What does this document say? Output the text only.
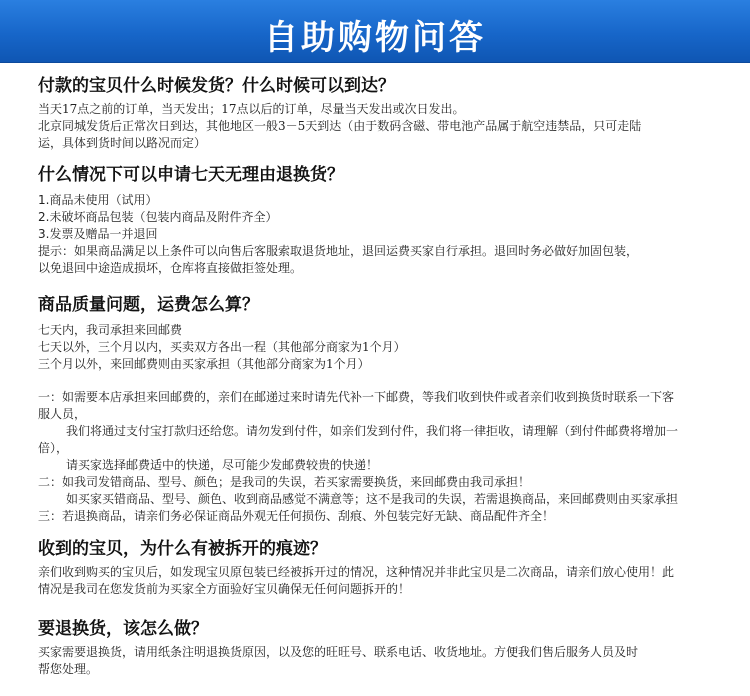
自助购物问答
付款的宝贝什么时候发货？什么时候可以到达？
当天17点之前的订单，当天发出；17点以后的订单，尽量当天发出或次日发出。
北京同城发货后正常次日到达，其他地区一般3－5天到达（由于数码含磁、带电池产品属于航空违禁品，只可走陆
运，具体到货时间以路况而定）
什么情况下可以申请七天无理由退换货？
1.商品未使用（试用）
2.未破坏商品包装（包装内商品及附件齐全）
3.发票及赠品一并退回
提示：如果商品满足以上条件可以向售后客服索取退货地址，退回运费买家自行承担。退回时务必做好加固包装，
以免退回中途造成损坏，仓库将直接做拒签处理。
商品质量问题，运费怎么算？
七天内，我司承担来回邮费
七天以外，三个月以内，买卖双方各出一程（其他部分商家为1个月）
三个月以外，来回邮费则由买家承担（其他部分商家为1个月）
一：如需要本店承担来回邮费的，亲们在邮递过来时请先代补一下邮费，等我们收到快件或者亲们收到换货时联系一下客
服人员，
我们将通过支付宝打款归还给您。请勿发到付件，如亲们发到付件，我们将一律拒收，请理解（到付件邮费将增加一
倍），
请买家选择邮费适中的快递，尽可能少发邮费较贵的快递！
二：如我司发错商品、型号、颜色；是我司的失误，若买家需要换货，来回邮费由我司承担！
如买家买错商品、型号、颜色、收到商品感觉不满意等；这不是我司的失误，若需退换商品，来回邮费则由买家承担
三：若退换商品，请亲们务必保证商品外观无任何损伤、刮痕、外包装完好无缺、商品配件齐全！
收到的宝贝，为什么有被拆开的痕迹？
亲们收到购买的宝贝后，如发现宝贝原包装已经被拆开过的情况，这种情况并非此宝贝是二次商品，请亲们放心使用！此
情况是我司在您发货前为买家全方面验好宝贝确保无任何问题拆开的！
要退换货，该怎么做？
买家需要退换货，请用纸条注明退换货原因，以及您的旺旺号、联系电话、收货地址。方便我们售后服务人员及时
帮您处理。
